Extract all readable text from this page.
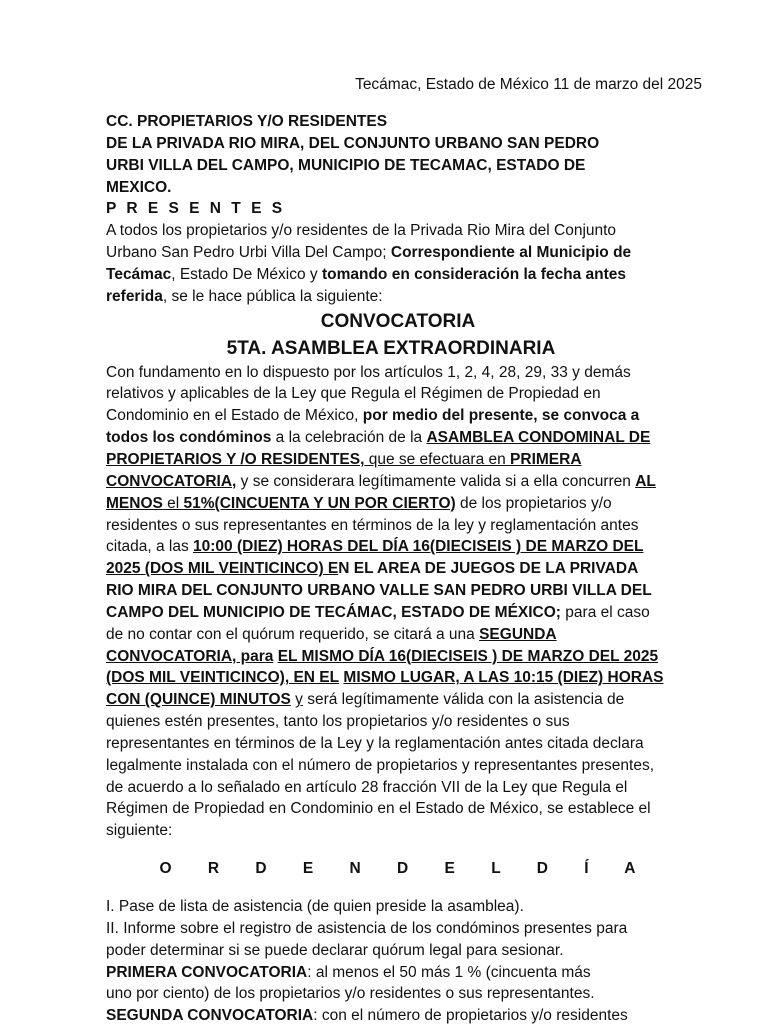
Tecámac, Estado de México 11 de marzo del 2025
CC. PROPIETARIOS Y/O RESIDENTES
DE LA PRIVADA RIO MIRA, DEL CONJUNTO URBANO SAN PEDRO
URBI VILLA DEL CAMPO, MUNICIPIO DE TECAMAC, ESTADO DE
MEXICO.
P R E S E N T E S

A todos los propietarios y/o residentes de la Privada Rio Mira del Conjunto Urbano San Pedro Urbi Villa Del Campo; Correspondiente al Municipio de Tecámac, Estado De México y tomando en consideración la fecha antes referida, se le hace pública la siguiente:

CONVOCATORIA

5TA. ASAMBLEA EXTRAORDINARIA

Con fundamento en lo dispuesto por los artículos 1, 2, 4, 28, 29, 33 y demás relativos y aplicables de la Ley que Regula el Régimen de Propiedad en Condominio en el Estado de México, por medio del presente, se convoca a todos los condóminos a la celebración de la ASAMBLEA CONDOMINAL DE PROPIETARIOS Y /O RESIDENTES, que se efectuara en PRIMERA CONVOCATORIA, y se considerara legítimamente valida si a ella concurren AL MENOS el 51%(CINCUENTA Y UN POR CIERTO) de los propietarios y/o residentes o sus representantes en términos de la ley y reglamentación antes citada, a las 10:00 (DIEZ) HORAS DEL DÍA 16(DIECISEIS ) DE MARZO DEL 2025 (DOS MIL VEINTICINCO) EN EL AREA DE JUEGOS DE LA PRIVADA RIO MIRA DEL CONJUNTO URBANO VALLE SAN PEDRO URBI VILLA DEL CAMPO DEL MUNICIPIO DE TECÁMAC, ESTADO DE MÉXICO; para el caso de no contar con el quórum requerido, se citará a una SEGUNDA CONVOCATORIA, para EL MISMO DÍA 16(DIECISEIS ) DE MARZO DEL 2025 (DOS MIL VEINTICINCO), EN EL MISMO LUGAR, A LAS 10:15 (DIEZ) HORAS CON (QUINCE) MINUTOS y será legítimamente válida con la asistencia de quienes estén presentes, tanto los propietarios y/o residentes o sus representantes en términos de la Ley y la reglamentación antes citada declara legalmente instalada con el número de propietarios y representantes presentes, de acuerdo a lo señalado en artículo 28 fracción VII de la Ley que Regula el Régimen de Propiedad en Condominio en el Estado de México, se establece el siguiente:

O R D E N D E L D Í A

I. Pase de lista de asistencia (de quien preside la asamblea).

II. Informe sobre el registro de asistencia de los condóminos presentes para poder determinar si se puede declarar quórum legal para sesionar.

PRIMERA CONVOCATORIA: al menos el 50 más 1 % (cincuenta más
uno por ciento) de los propietarios y/o residentes o sus representantes.

SEGUNDA CONVOCATORIA: con el número de propietarios y/o residentes
